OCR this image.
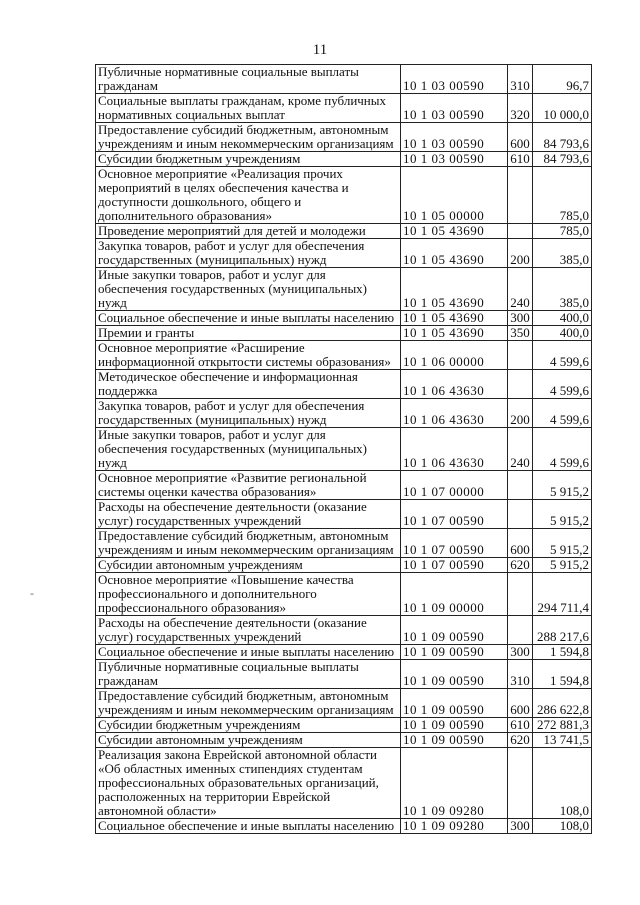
11
-
Публичные нормативные социальные выплаты гражданам	10 1 03 00590	310	96,7
Социальные выплаты гражданам, кроме публичных нормативных социальных выплат	10 1 03 00590	320	10 000,0
Предоставление субсидий бюджетным, автономным учреждениям и иным некоммерческим организациям	10 1 03 00590	600	84 793,6
Субсидии бюджетным учреждениям	10 1 03 00590	610	84 793,6
Основное мероприятие «Реализация прочих мероприятий в целях обеспечения качества и доступности дошкольного, общего и дополнительного образования»	10 1 05 00000		785,0
Проведение мероприятий для детей и молодежи	10 1 05 43690		785,0
Закупка товаров, работ и услуг для обеспечения государственных (муниципальных) нужд	10 1 05 43690	200	385,0
Иные закупки товаров, работ и услуг для обеспечения государственных (муниципальных) нужд	10 1 05 43690	240	385,0
Социальное обеспечение и иные выплаты населению	10 1 05 43690	300	400,0
Премии и гранты	10 1 05 43690	350	400,0
Основное мероприятие «Расширение информационной открытости системы образования»	10 1 06 00000		4 599,6
Методическое обеспечение и информационная поддержка	10 1 06 43630		4 599,6
Закупка товаров, работ и услуг для обеспечения государственных (муниципальных) нужд	10 1 06 43630	200	4 599,6
Иные закупки товаров, работ и услуг для обеспечения государственных (муниципальных) нужд	10 1 06 43630	240	4 599,6
Основное мероприятие «Развитие региональной системы оценки качества образования»	10 1 07 00000		5 915,2
Расходы на обеспечение деятельности (оказание услуг) государственных учреждений	10 1 07 00590		5 915,2
Предоставление субсидий бюджетным, автономным учреждениям и иным некоммерческим организациям	10 1 07 00590	600	5 915,2
Субсидии автономным учреждениям	10 1 07 00590	620	5 915,2
Основное мероприятие «Повышение качества профессионального и дополнительного профессионального образования»	10 1 09 00000		294 711,4
Расходы на обеспечение деятельности (оказание услуг) государственных учреждений	10 1 09 00590		288 217,6
Социальное обеспечение и иные выплаты населению	10 1 09 00590	300	1 594,8
Публичные нормативные социальные выплаты гражданам	10 1 09 00590	310	1 594,8
Предоставление субсидий бюджетным, автономным учреждениям и иным некоммерческим организациям	10 1 09 00590	600	286 622,8
Субсидии бюджетным учреждениям	10 1 09 00590	610	272 881,3
Субсидии автономным учреждениям	10 1 09 00590	620	13 741,5
Реализация закона Еврейской автономной области «Об областных именных стипендиях студентам профессиональных образовательных организаций, расположенных на территории Еврейской автономной области»	10 1 09 09280		108,0
Социальное обеспечение и иные выплаты населению	10 1 09 09280	300	108,0
